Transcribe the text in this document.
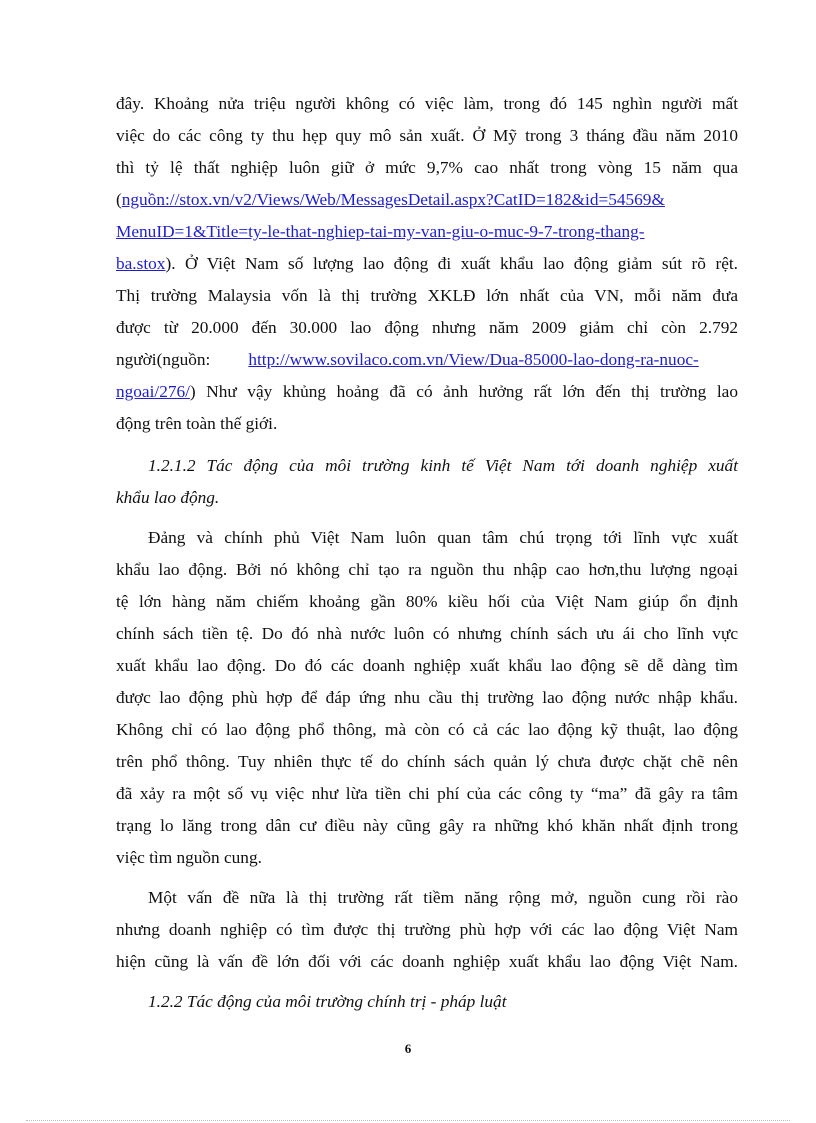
đây. Khoảng nửa triệu người không có việc làm, trong đó 145 nghìn người mất
việc do các công ty thu hẹp quy mô sản xuất. Ở Mỹ trong 3 tháng đầu năm 2010
thì tỷ lệ thất nghiệp luôn giữ ở mức 9,7% cao nhất trong vòng 15 năm qua
(nguồn://stox.vn/v2/Views/Web/MessagesDetail.aspx?CatID=182&id=54569&
MenuID=1&Title=ty-le-that-nghiep-tai-my-van-giu-o-muc-9-7-trong-thang-
ba.stox). Ở Việt Nam số lượng lao động đi xuất khẩu lao động giảm sút rõ rệt.
Thị trường Malaysia vốn là thị trường XKLĐ lớn nhất của VN, mỗi năm đưa
được từ 20.000 đến 30.000 lao động nhưng năm 2009 giảm chỉ còn 2.792
người(nguồn: http://www.sovilaco.com.vn/View/Dua-85000-lao-dong-ra-nuoc-
ngoai/276/) Như vậy khủng hoảng đã có ảnh hưởng rất lớn đến thị trường lao
động trên toàn thế giới.
1.2.1.2 Tác động của môi trường kinh tế Việt Nam tới doanh nghiệp xuất
khẩu lao động.
Đảng và chính phủ Việt Nam luôn quan tâm chú trọng tới lĩnh vực xuất
khẩu lao động. Bởi nó không chỉ tạo ra nguồn thu nhập cao hơn,thu lượng ngoại
tệ lớn hàng năm chiếm khoảng gần 80% kiều hối của Việt Nam giúp ổn định
chính sách tiền tệ. Do đó nhà nước luôn có nhưng chính sách ưu ái cho lĩnh vực
xuất khẩu lao động. Do đó các doanh nghiệp xuất khẩu lao động sẽ dễ dàng tìm
được lao động phù hợp để đáp ứng nhu cầu thị trường lao động nước nhập khẩu.
Không chỉ có lao động phổ thông, mà còn có cả các lao động kỹ thuật, lao động
trên phổ thông. Tuy nhiên thực tế do chính sách quản lý chưa được chặt chẽ nên
đã xảy ra một số vụ việc như lừa tiền chi phí của các công ty “ma” đã gây ra tâm
trạng lo lăng trong dân cư điều này cũng gây ra những khó khăn nhất định trong
việc tìm nguồn cung.
Một vấn đề nữa là thị trường rất tiềm năng rộng mở, nguồn cung rồi rào
nhưng doanh nghiệp có tìm được thị trường phù hợp với các lao động Việt Nam
hiện cũng là vấn đề lớn đối với các doanh nghiệp xuất khẩu lao động Việt Nam.
1.2.2 Tác động của môi trường chính trị - pháp luật
6
